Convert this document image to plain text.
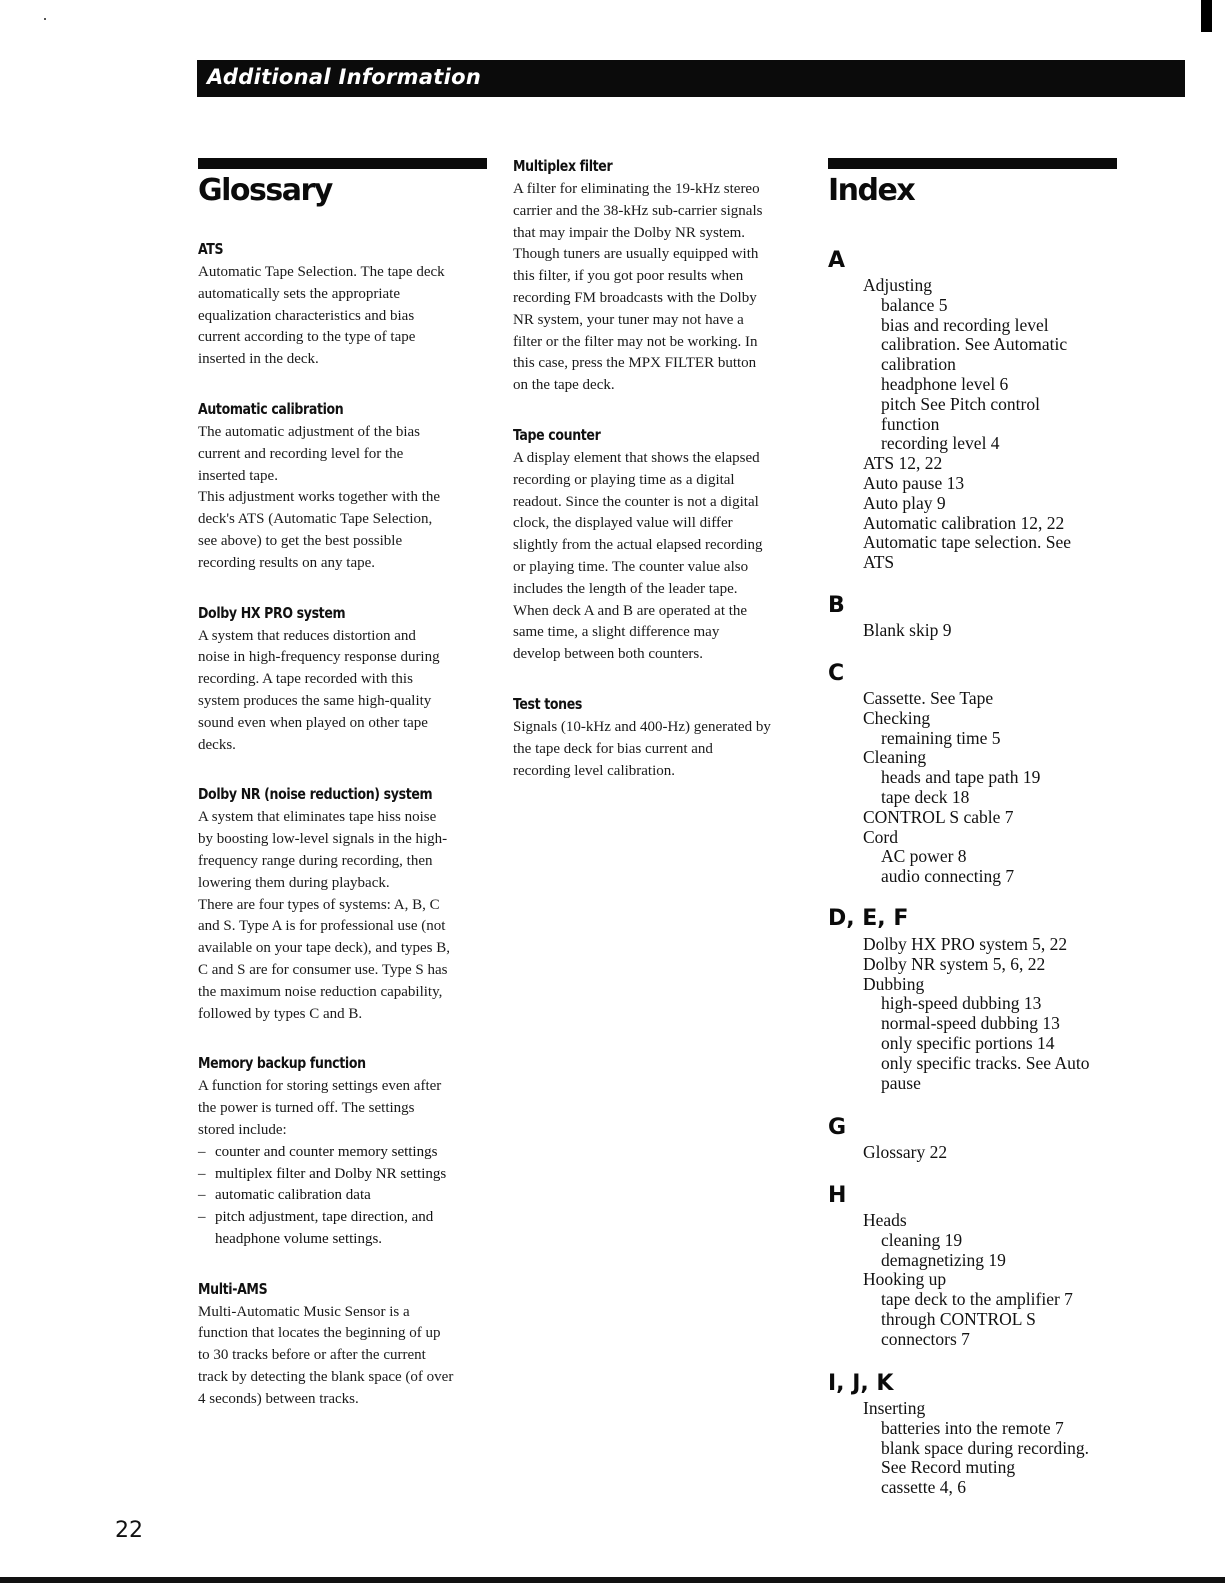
Additional Information
Glossary
ATS
Automatic Tape Selection. The tape deck
automatically sets the appropriate
equalization characteristics and bias
current according to the type of tape
inserted in the deck.
Automatic calibration
The automatic adjustment of the bias
current and recording level for the
inserted tape.
This adjustment works together with the
deck's ATS (Automatic Tape Selection,
see above) to get the best possible
recording results on any tape.
Dolby HX PRO system
A system that reduces distortion and
noise in high-frequency response during
recording. A tape recorded with this
system produces the same high-quality
sound even when played on other tape
decks.
Dolby NR (noise reduction) system
A system that eliminates tape hiss noise
by boosting low-level signals in the high-
frequency range during recording, then
lowering them during playback.
There are four types of systems: A, B, C
and S. Type A is for professional use (not
available on your tape deck), and types B,
C and S are for consumer use. Type S has
the maximum noise reduction capability,
followed by types C and B.
Memory backup function
A function for storing settings even after
the power is turned off. The settings
stored include:
– counter and counter memory settings
– multiplex filter and Dolby NR settings
– automatic calibration data
– pitch adjustment, tape direction, and
headphone volume settings.
Multi-AMS
Multi-Automatic Music Sensor is a
function that locates the beginning of up
to 30 tracks before or after the current
track by detecting the blank space (of over
4 seconds) between tracks.
Multiplex filter
A filter for eliminating the 19-kHz stereo
carrier and the 38-kHz sub-carrier signals
that may impair the Dolby NR system.
Though tuners are usually equipped with
this filter, if you got poor results when
recording FM broadcasts with the Dolby
NR system, your tuner may not have a
filter or the filter may not be working. In
this case, press the MPX FILTER button
on the tape deck.
Tape counter
A display element that shows the elapsed
recording or playing time as a digital
readout. Since the counter is not a digital
clock, the displayed value will differ
slightly from the actual elapsed recording
or playing time. The counter value also
includes the length of the leader tape.
When deck A and B are operated at the
same time, a slight difference may
develop between both counters.
Test tones
Signals (10-kHz and 400-Hz) generated by
the tape deck for bias current and
recording level calibration.
Index
A
Adjusting
balance 5
bias and recording level
calibration. See Automatic
calibration
headphone level 6
pitch See Pitch control
function
recording level 4
ATS 12, 22
Auto pause 13
Auto play 9
Automatic calibration 12, 22
Automatic tape selection. See
ATS
B
Blank skip 9
C
Cassette. See Tape
Checking
remaining time 5
Cleaning
heads and tape path 19
tape deck 18
CONTROL S cable 7
Cord
AC power 8
audio connecting 7
D, E, F
Dolby HX PRO system 5, 22
Dolby NR system 5, 6, 22
Dubbing
high-speed dubbing 13
normal-speed dubbing 13
only specific portions 14
only specific tracks. See Auto
pause
G
Glossary 22
H
Heads
cleaning 19
demagnetizing 19
Hooking up
tape deck to the amplifier 7
through CONTROL S
connectors 7
I, J, K
Inserting
batteries into the remote 7
blank space during recording.
See Record muting
cassette 4, 6
22
